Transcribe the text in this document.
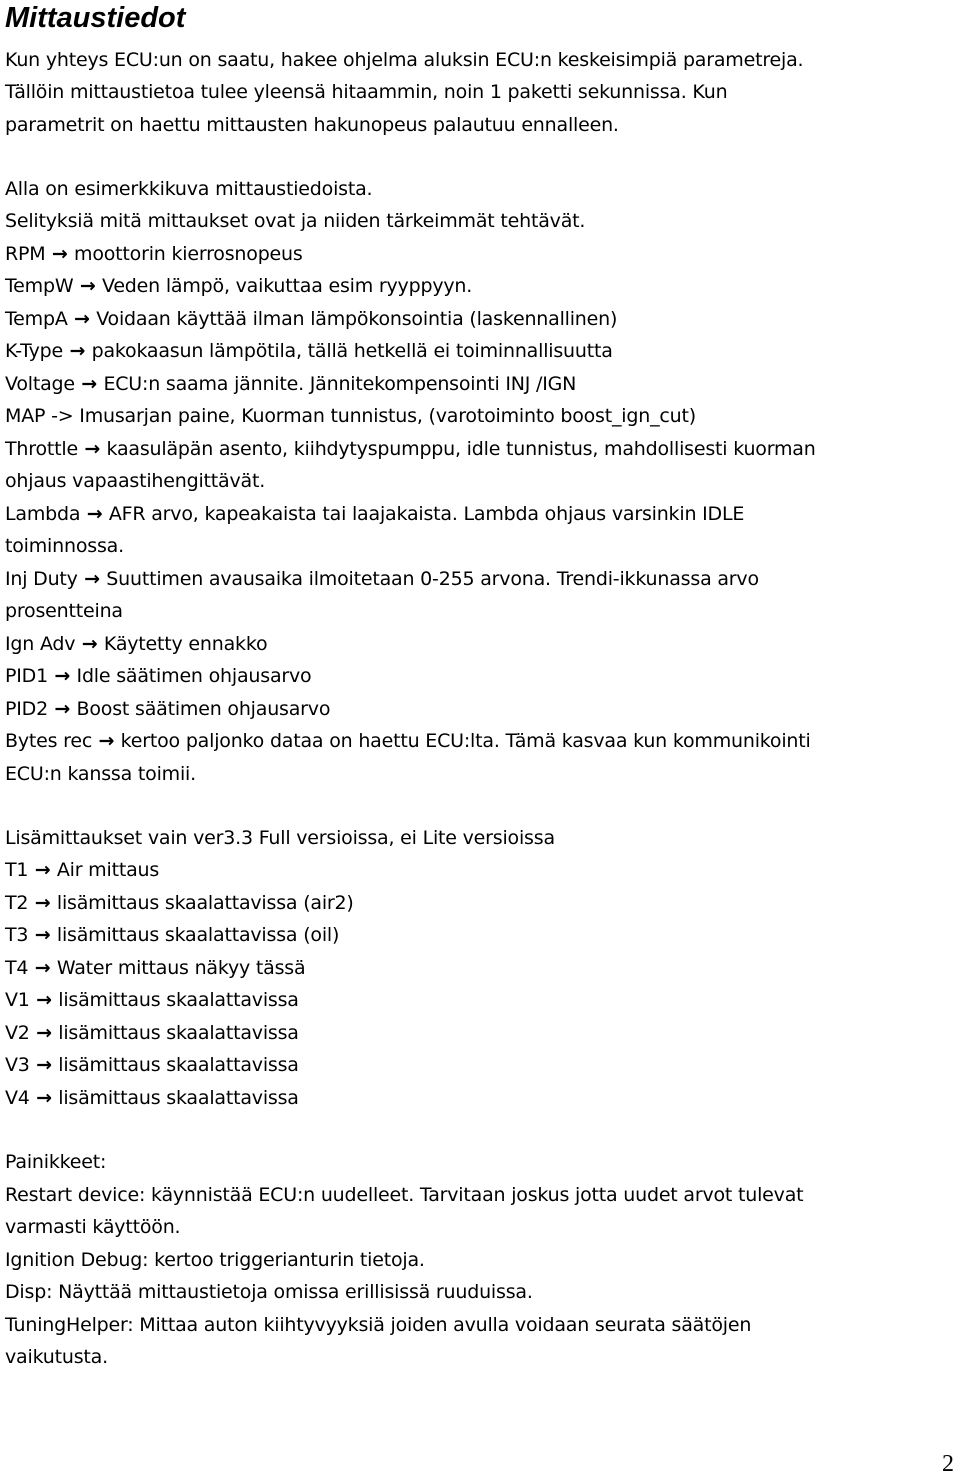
Mittaustiedot
Kun yhteys ECU:un on saatu, hakee ohjelma aluksin ECU:n keskeisimpiä parametreja.
Tällöin mittaustietoa tulee yleensä hitaammin, noin 1 paketti sekunnissa. Kun
parametrit on haettu mittausten hakunopeus palautuu ennalleen.
Alla on esimerkkikuva mittaustiedoista.
Selityksiä mitä mittaukset ovat ja niiden tärkeimmät tehtävät.
RPM → moottorin kierrosnopeus
TempW → Veden lämpö, vaikuttaa esim ryyppyyn.
TempA → Voidaan käyttää ilman lämpökonsointia (laskennallinen)
K-Type → pakokaasun lämpötila, tällä hetkellä ei toiminnallisuutta
Voltage → ECU:n saama jännite. Jännitekompensointi INJ /IGN
MAP -> Imusarjan paine, Kuorman tunnistus, (varotoiminto boost_ign_cut)
Throttle → kaasuläpän asento, kiihdytyspumppu, idle tunnistus, mahdollisesti kuorman
ohjaus vapaastihengittävät.
Lambda → AFR arvo, kapeakaista tai laajakaista. Lambda ohjaus varsinkin IDLE
toiminnossa.
Inj Duty → Suuttimen avausaika ilmoitetaan 0-255 arvona. Trendi-ikkunassa arvo
prosentteina
Ign Adv → Käytetty ennakko
PID1 → Idle säätimen ohjausarvo
PID2 → Boost säätimen ohjausarvo
Bytes rec → kertoo paljonko dataa on haettu ECU:lta. Tämä kasvaa kun kommunikointi
ECU:n kanssa toimii.
Lisämittaukset vain ver3.3 Full versioissa, ei Lite versioissa
T1 → Air mittaus
T2 → lisämittaus skaalattavissa (air2)
T3 → lisämittaus skaalattavissa (oil)
T4 → Water mittaus näkyy tässä
V1 → lisämittaus skaalattavissa
V2 → lisämittaus skaalattavissa
V3 → lisämittaus skaalattavissa
V4 → lisämittaus skaalattavissa
Painikkeet:
Restart device: käynnistää ECU:n uudelleet. Tarvitaan joskus jotta uudet arvot tulevat
varmasti käyttöön.
Ignition Debug: kertoo triggerianturin tietoja.
Disp: Näyttää mittaustietoja omissa erillisissä ruuduissa.
TuningHelper: Mittaa auton kiihtyvyyksiä joiden avulla voidaan seurata säätöjen
vaikutusta.
2
